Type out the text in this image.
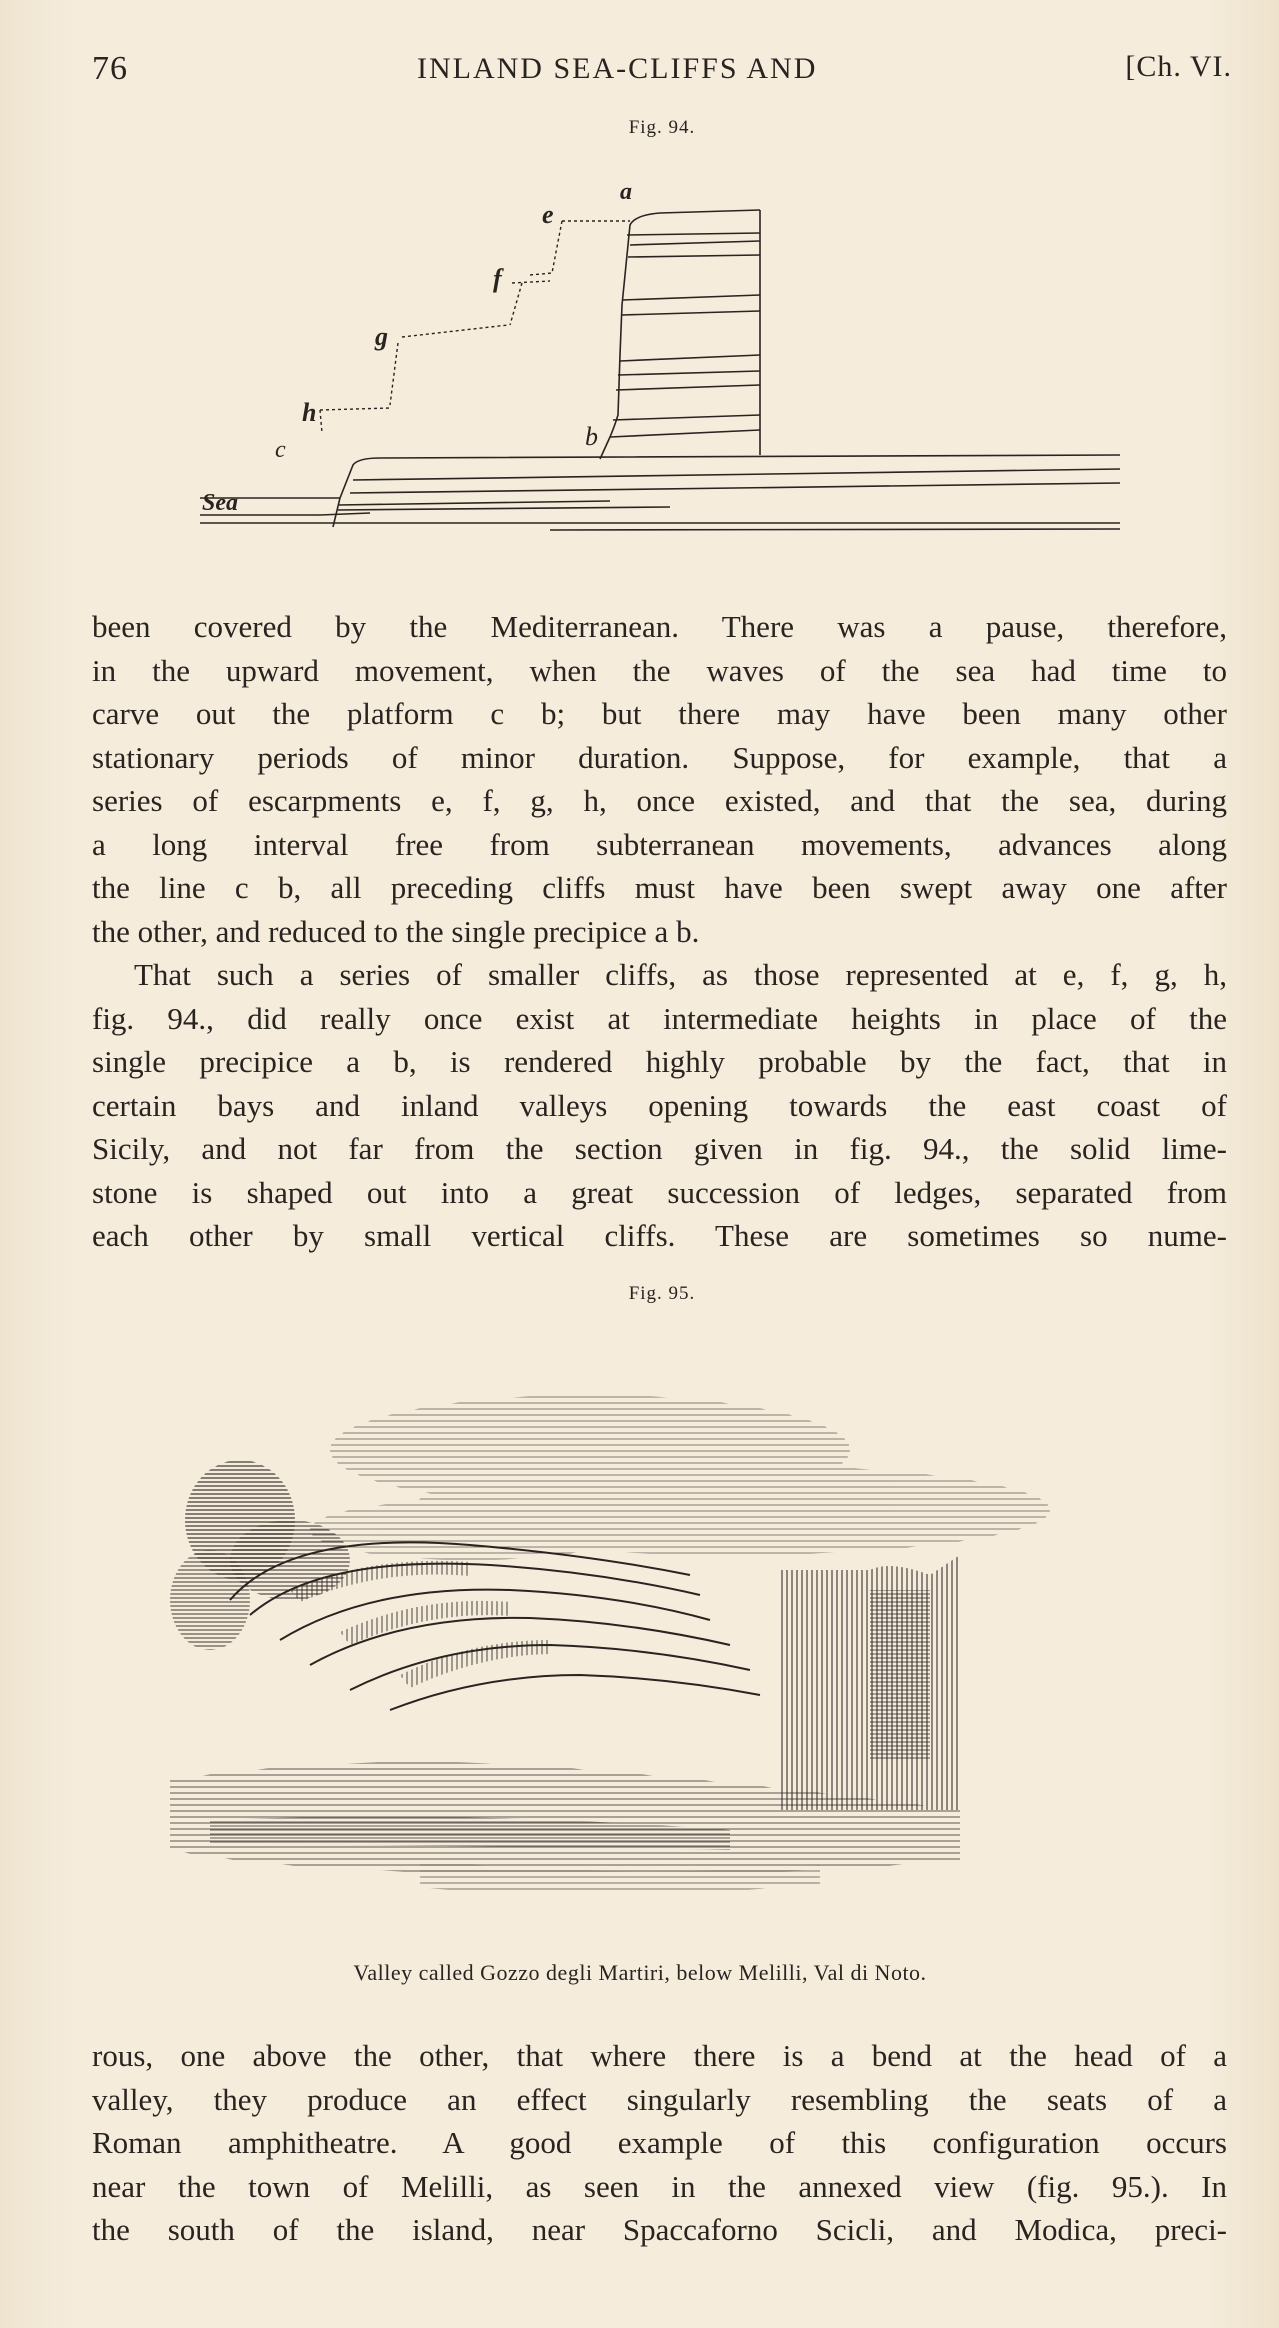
76	INLAND SEA-CLIFFS AND	[Ch. VI.
Fig. 94.
a
e
f
g
h
b
c
Sea
been covered by the Mediterranean. There was a pause, therefore,
in the upward movement, when the waves of the sea had time to
carve out the platform c b; but there may have been many other
stationary periods of minor duration. Suppose, for example, that a
series of escarpments e, f, g, h, once existed, and that the sea, during
a long interval free from subterranean movements, advances along
the line c b, all preceding cliffs must have been swept away one after
the other, and reduced to the single precipice a b.
That such a series of smaller cliffs, as those represented at e, f, g, h,
fig. 94., did really once exist at intermediate heights in place of the
single precipice a b, is rendered highly probable by the fact, that in
certain bays and inland valleys opening towards the east coast of
Sicily, and not far from the section given in fig. 94., the solid lime-
stone is shaped out into a great succession of ledges, separated from
each other by small vertical cliffs. These are sometimes so nume-
Fig. 95.
Valley called Gozzo degli Martiri, below Melilli, Val di Noto.
rous, one above the other, that where there is a bend at the head of a
valley, they produce an effect singularly resembling the seats of a
Roman amphitheatre. A good example of this configuration occurs
near the town of Melilli, as seen in the annexed view (fig. 95.). In
the south of the island, near Spaccaforno Scicli, and Modica, preci-
